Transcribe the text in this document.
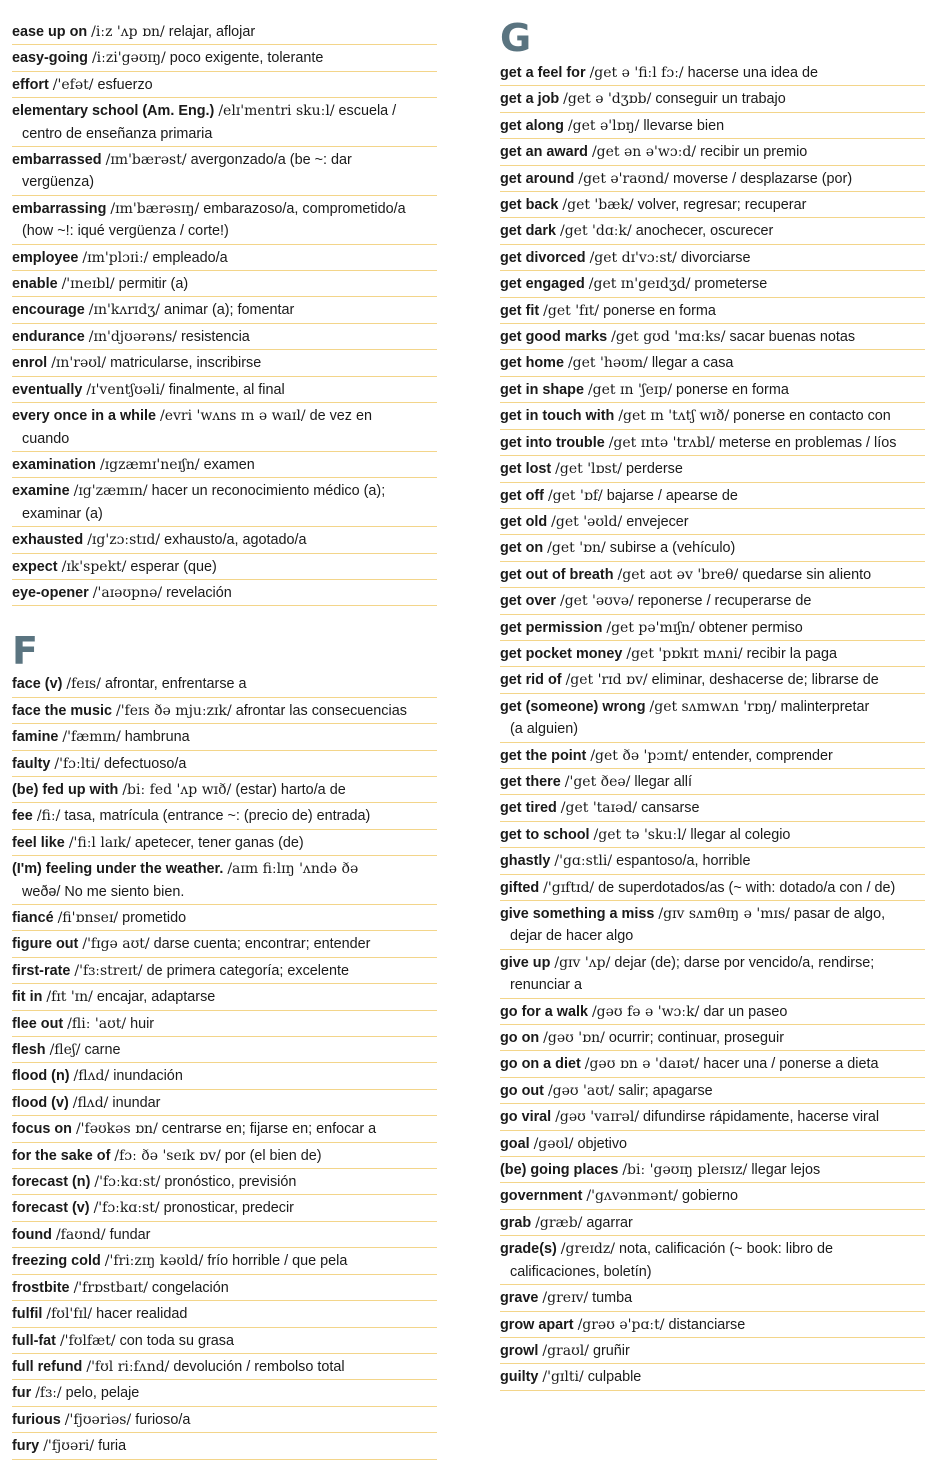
ease up on /iːz 'ʌp ɒn/ relajar, aflojar
easy-going /iːzi'gəʊɪŋ/ poco exigente, tolerante
effort /'efət/ esfuerzo
elementary school (Am. Eng.) /elɪ'mentri skuːl/ escuela /
centro de enseñanza primaria
embarrassed /ɪm'bærəst/ avergonzado/a (be ~: dar
vergüenza)
embarrassing /ɪm'bærəsɪŋ/ embarazoso/a, comprometido/a
(how ~!: iqué vergüenza / corte!)
employee /ɪm'plɔɪiː/ empleado/a
enable /'ɪneɪbl/ permitir (a)
encourage /ɪn'kʌrɪdʒ/ animar (a); fomentar
endurance /ɪn'djʊərəns/ resistencia
enrol /ɪn'rəʊl/ matricularse, inscribirse
eventually /ɪ'ventʃʊəli/ finalmente, al final
every once in a while /evri 'wʌns ɪn ə waɪl/ de vez en
cuando
examination /ɪgzæmɪ'neɪʃn/ examen
examine /ɪg'zæmɪn/ hacer un reconocimiento médico (a);
examinar (a)
exhausted /ɪg'zɔːstɪd/ exhausto/a, agotado/a
expect /ɪk'spekt/ esperar (que)
eye-opener /'aɪəʊpnə/ revelación
F
face (v) /feɪs/ afrontar, enfrentarse a
face the music /'feɪs ðə mjuːzɪk/ afrontar las consecuencias
famine /'fæmɪn/ hambruna
faulty /'fɔːlti/ defectuoso/a
(be) fed up with /biː fed 'ʌp wɪð/ (estar) harto/a de
fee /fiː/ tasa, matrícula (entrance ~: (precio de) entrada)
feel like /'fiːl laɪk/ apetecer, tener ganas (de)
(I'm) feeling under the weather. /aɪm fiːlɪŋ 'ʌndə ðə
weðə/ No me siento bien.
fiancé /fi'ɒnseɪ/ prometido
figure out /'fɪgə aʊt/ darse cuenta; encontrar; entender
first-rate /'fɜːstreɪt/ de primera categoría; excelente
fit in /fɪt 'ɪn/ encajar, adaptarse
flee out /fliː 'aʊt/ huir
flesh /fleʃ/ carne
flood (n) /flʌd/ inundación
flood (v) /flʌd/ inundar
focus on /'fəʊkəs ɒn/ centrarse en; fijarse en; enfocar a
for the sake of /fɔː ðə 'seɪk ɒv/ por (el bien de)
forecast (n) /'fɔːkɑːst/ pronóstico, previsión
forecast (v) /'fɔːkɑːst/ pronosticar, predecir
found /faʊnd/ fundar
freezing cold /'friːzɪŋ kəʊld/ frío horrible / que pela
frostbite /'frɒstbaɪt/ congelación
fulfil /fʊl'fɪl/ hacer realidad
full-fat /'fʊlfæt/ con toda su grasa
full refund /'fʊl riːfʌnd/ devolución / rembolso total
fur /fɜː/ pelo, pelaje
furious /'fjʊəriəs/ furioso/a
fury /'fjʊəri/ furia
G
get a feel for /get ə 'fiːl fɔː/ hacerse una idea de
get a job /get ə 'dʒɒb/ conseguir un trabajo
get along /get ə'lɒŋ/ llevarse bien
get an award /get ən ə'wɔːd/ recibir un premio
get around /get ə'raʊnd/ moverse / desplazarse (por)
get back /get 'bæk/ volver, regresar; recuperar
get dark /get 'dɑːk/ anochecer, oscurecer
get divorced /get dɪ'vɔːst/ divorciarse
get engaged /get ɪn'geɪdʒd/ prometerse
get fit /get 'fɪt/ ponerse en forma
get good marks /get gʊd 'mɑːks/ sacar buenas notas
get home /get 'həʊm/ llegar a casa
get in shape /get ɪn 'ʃeɪp/ ponerse en forma
get in touch with /get ɪn 'tʌtʃ wɪð/ ponerse en contacto con
get into trouble /get ɪntə 'trʌbl/ meterse en problemas / líos
get lost /get 'lɒst/ perderse
get off /get 'ɒf/ bajarse / apearse de
get old /get 'əʊld/ envejecer
get on /get 'ɒn/ subirse a (vehículo)
get out of breath /get aʊt əv 'breθ/ quedarse sin aliento
get over /get 'əʊvə/ reponerse / recuperarse de
get permission /get pə'mɪʃn/ obtener permiso
get pocket money /get 'pɒkɪt mʌni/ recibir la paga
get rid of /get 'rɪd ɒv/ eliminar, deshacerse de; librarse de
get (someone) wrong /get sʌmwʌn 'rɒŋ/ malinterpretar
(a alguien)
get the point /get ðə 'pɔɪnt/ entender, comprender
get there /'get ðeə/ llegar allí
get tired /get 'taɪəd/ cansarse
get to school /get tə 'skuːl/ llegar al colegio
ghastly /'gɑːstli/ espantoso/a, horrible
gifted /'gɪftɪd/ de superdotados/as (~ with: dotado/a con / de)
give something a miss /gɪv sʌmθɪŋ ə 'mɪs/ pasar de algo,
dejar de hacer algo
give up /gɪv 'ʌp/ dejar (de); darse por vencido/a, rendirse;
renunciar a
go for a walk /gəʊ fə ə 'wɔːk/ dar un paseo
go on /gəʊ 'ɒn/ ocurrir; continuar, proseguir
go on a diet /gəʊ ɒn ə 'daɪət/ hacer una / ponerse a dieta
go out /gəʊ 'aʊt/ salir; apagarse
go viral /gəʊ 'vaɪrəl/ difundirse rápidamente, hacerse viral
goal /gəʊl/ objetivo
(be) going places /biː 'gəʊɪŋ pleɪsɪz/ llegar lejos
government /'gʌvənmənt/ gobierno
grab /græb/ agarrar
grade(s) /greɪdz/ nota, calificación (~ book: libro de
calificaciones, boletín)
grave /greɪv/ tumba
grow apart /grəʊ ə'pɑːt/ distanciarse
growl /graʊl/ gruñir
guilty /'gɪlti/ culpable
